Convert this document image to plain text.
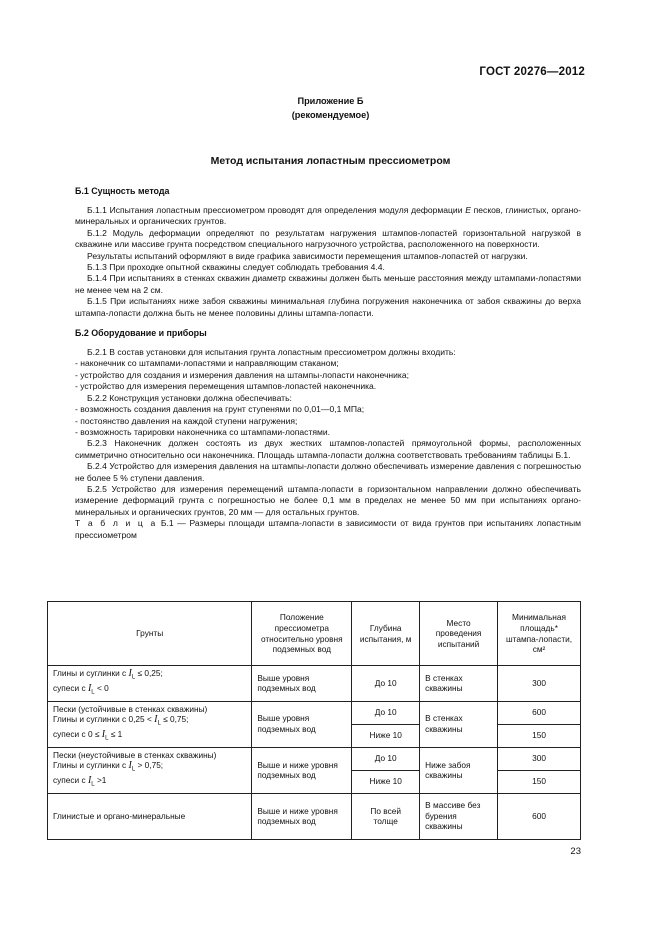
ГОСТ 20276—2012
Приложение Б
(рекомендуемое)
Метод испытания лопастным прессиометром
Б.1 Сущность метода

Б.1.1 Испытания лопастным прессиометром проводят для определения модуля деформации E песков, глинистых, органо-минеральных и органических грунтов.

Б.1.2 Модуль деформации определяют по результатам нагружения штампов-лопастей горизонтальной нагрузкой в скважине или массиве грунта посредством специального нагрузочного устройства, расположенного на поверхности.

Результаты испытаний оформляют в виде графика зависимости перемещения штампов-лопастей от нагрузки.

Б.1.3 При проходке опытной скважины следует соблюдать требования 4.4.

Б.1.4 При испытаниях в стенках скважин диаметр скважины должен быть меньше расстояния между штампами-лопастями не менее чем на 2 см.

Б.1.5 При испытаниях ниже забоя скважины минимальная глубина погружения наконечника от забоя скважины до верха штампа-лопасти должна быть не менее половины длины штампа-лопасти.

Б.2 Оборудование и приборы

Б.2.1 В состав установки для испытания грунта лопастным прессиометром должны входить:

- наконечник со штампами-лопастями и направляющим стаканом;

- устройство для создания и измерения давления на штампы-лопасти наконечника;

- устройство для измерения перемещения штампов-лопастей наконечника.

Б.2.2 Конструкция установки должна обеспечивать:

- возможность создания давления на грунт ступенями по 0,01—0,1 МПа;

- постоянство давления на каждой ступени нагружения;

- возможность тарировки наконечника со штампами-лопастями.

Б.2.3 Наконечник должен состоять из двух жестких штампов-лопастей прямоугольной формы, расположенных симметрично относительно оси наконечника. Площадь штампа-лопасти должна соответствовать требованиям таблицы Б.1.

Б.2.4 Устройство для измерения давления на штампы-лопасти должно обеспечивать измерение давления с погрешностью не более 5 % ступени давления.

Б.2.5 Устройство для измерения перемещений штампа-лопасти в горизонтальном направлении должно обеспечивать измерение деформаций грунта с погрешностью не более 0,1 мм в пределах не менее 50 мм при испытаниях органо-минеральных и органических грунтов, 20 мм — для остальных грунтов.

Т а б л и ц а Б.1 — Размеры площади штампа-лопасти в зависимости от вида грунтов при испытаниях лопастным прессиометром

Грунты	Положение прессиометра относительно уровня подземных вод	Глубина испытания, м	Место проведения испытаний	Минимальная площадь* штампа-лопасти, см²

Глины и суглинки с $I_L \le 0,25$;
супеси с $I_L < 0$	Выше уровня подземных вод	До 10	В стенках скважины	300

Пески (устойчивые в стенках скважины)
Глины и суглинки с $0,25 < I_L \le 0,75$;
супеси с $0 \le I_L \le 1$	Выше уровня подземных вод	До 10	В стенках скважины	600
		Ниже 10		150

Пески (неустойчивые в стенках скважины)
Глины и суглинки с $I_L > 0,75$;
супеси с $I_L >1$	Выше и ниже уровня подземных вод	До 10	Ниже забоя скважины	300
		Ниже 10		150
Глинистые и органо-минеральные	Выше и ниже уровня подземных вод	По всей толще	В массиве без бурения скважины	600
23
